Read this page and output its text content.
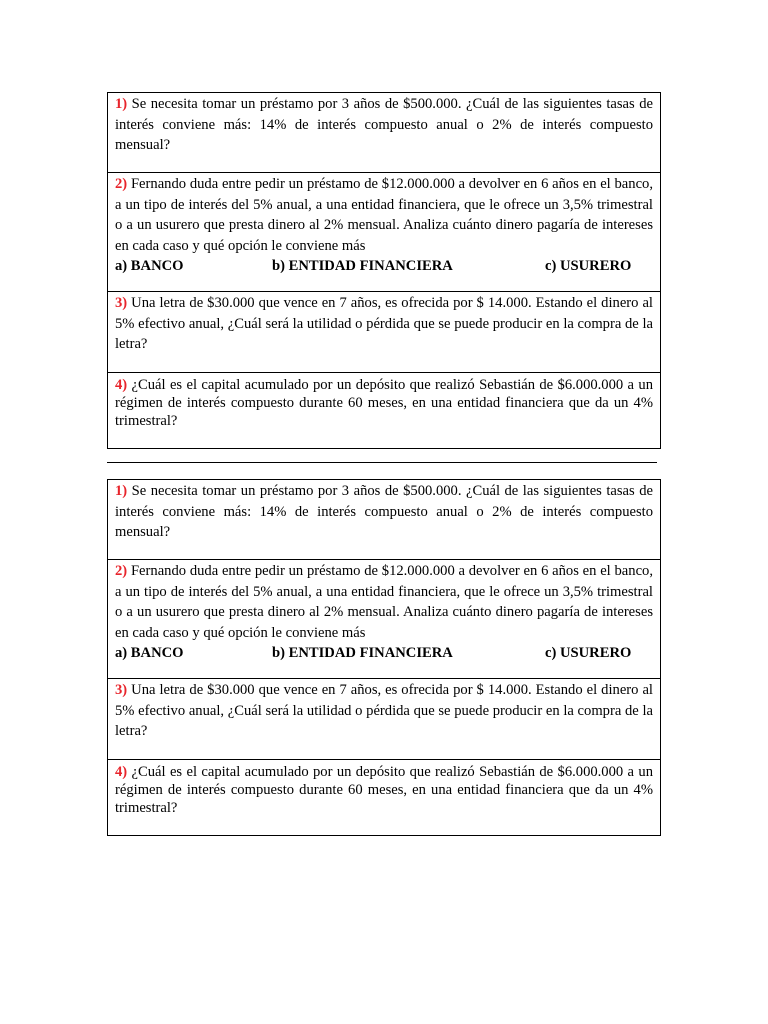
1) Se necesita tomar un préstamo por 3 años de $500.000. ¿Cuál de las siguientes tasas de interés conviene más: 14% de interés compuesto anual o 2% de interés compuesto mensual?
2) Fernando duda entre pedir un préstamo de $12.000.000 a devolver en 6 años en el banco, a un tipo de interés del 5% anual, a una entidad financiera, que le ofrece un 3,5% trimestral o a un usurero que presta dinero al 2% mensual. Analiza cuánto dinero pagaría de intereses en cada caso y qué opción le conviene más
a) BANCO	b) ENTIDAD FINANCIERA	c) USURERO
3) Una letra de $30.000 que vence en 7 años, es ofrecida por $ 14.000. Estando el dinero al 5% efectivo anual, ¿Cuál será la utilidad o pérdida que se puede producir en la compra de la letra?
4) ¿Cuál es el capital acumulado por un depósito que realizó Sebastián de $6.000.000 a un régimen de interés compuesto durante 60 meses, en una entidad financiera que da un 4% trimestral?
1) Se necesita tomar un préstamo por 3 años de $500.000. ¿Cuál de las siguientes tasas de interés conviene más: 14% de interés compuesto anual o 2% de interés compuesto mensual?
2) Fernando duda entre pedir un préstamo de $12.000.000 a devolver en 6 años en el banco, a un tipo de interés del 5% anual, a una entidad financiera, que le ofrece un 3,5% trimestral o a un usurero que presta dinero al 2% mensual. Analiza cuánto dinero pagaría de intereses en cada caso y qué opción le conviene más
a) BANCO	b) ENTIDAD FINANCIERA	c) USURERO
3) Una letra de $30.000 que vence en 7 años, es ofrecida por $ 14.000. Estando el dinero al 5% efectivo anual, ¿Cuál será la utilidad o pérdida que se puede producir en la compra de la letra?
4) ¿Cuál es el capital acumulado por un depósito que realizó Sebastián de $6.000.000 a un régimen de interés compuesto durante 60 meses, en una entidad financiera que da un 4% trimestral?
